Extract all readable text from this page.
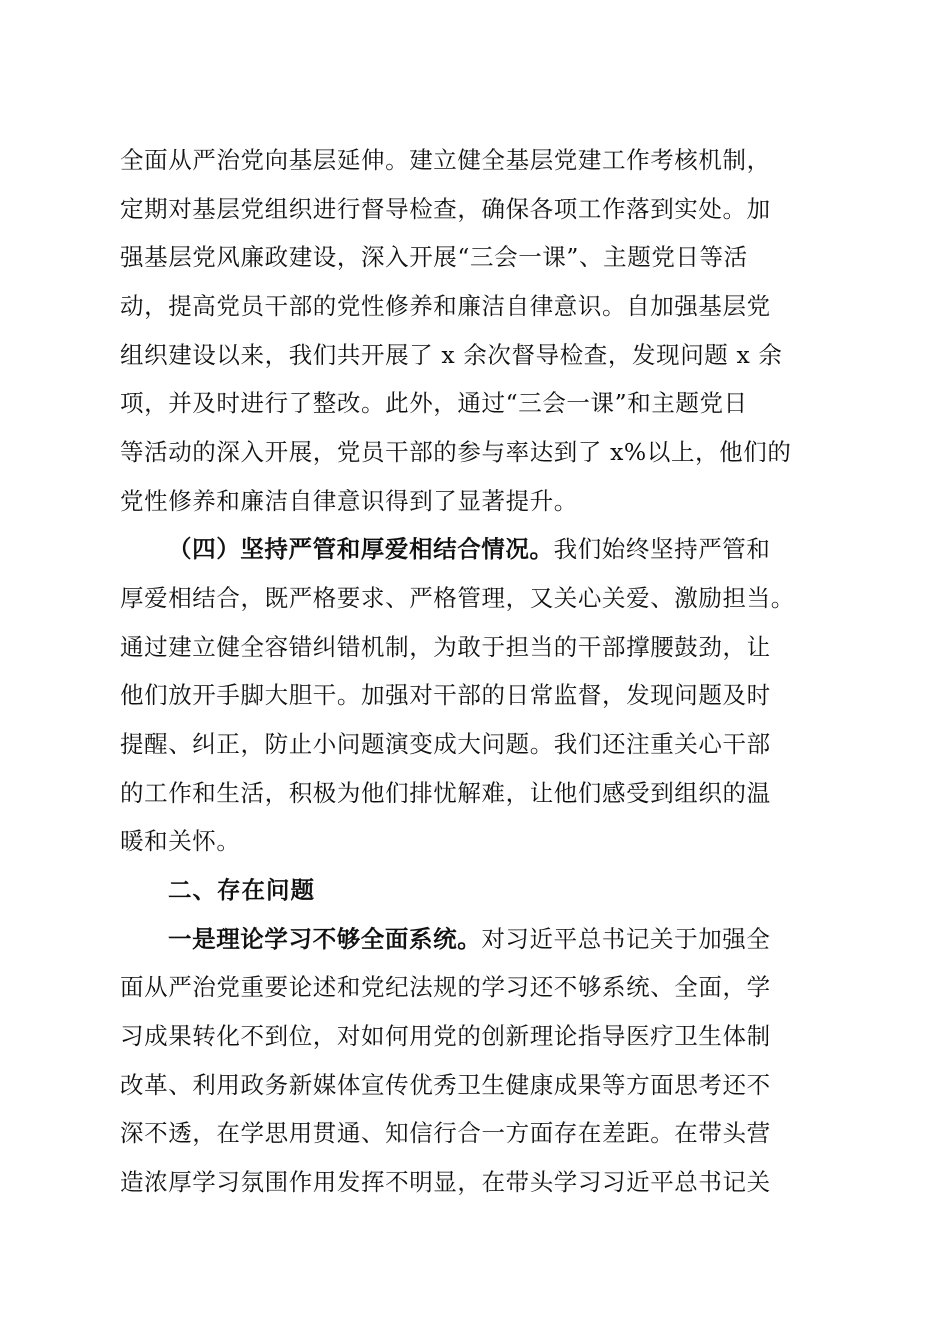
全面从严治党向基层延伸。建立健全基层党建工作考核机制，
定期对基层党组织进行督导检查，确保各项工作落到实处。加
强基层党风廉政建设，深入开展“三会一课”、主题党日等活
动，提高党员干部的党性修养和廉洁自律意识。自加强基层党
组织建设以来，我们共开展了 x 余次督导检查，发现问题 x 余
项，并及时进行了整改。此外，通过“三会一课”和主题党日
等活动的深入开展，党员干部的参与率达到了 x%以上，他们的
党性修养和廉洁自律意识得到了显著提升。
（四）坚持严管和厚爱相结合情况。我们始终坚持严管和
厚爱相结合，既严格要求、严格管理，又关心关爱、激励担当。
通过建立健全容错纠错机制，为敢于担当的干部撑腰鼓劲，让
他们放开手脚大胆干。加强对干部的日常监督，发现问题及时
提醒、纠正，防止小问题演变成大问题。我们还注重关心干部
的工作和生活，积极为他们排忧解难，让他们感受到组织的温
暖和关怀。
二、存在问题
一是理论学习不够全面系统。对习近平总书记关于加强全
面从严治党重要论述和党纪法规的学习还不够系统、全面，学
习成果转化不到位，对如何用党的创新理论指导医疗卫生体制
改革、利用政务新媒体宣传优秀卫生健康成果等方面思考还不
深不透，在学思用贯通、知信行合一方面存在差距。在带头营
造浓厚学习氛围作用发挥不明显，在带头学习习近平总书记关
